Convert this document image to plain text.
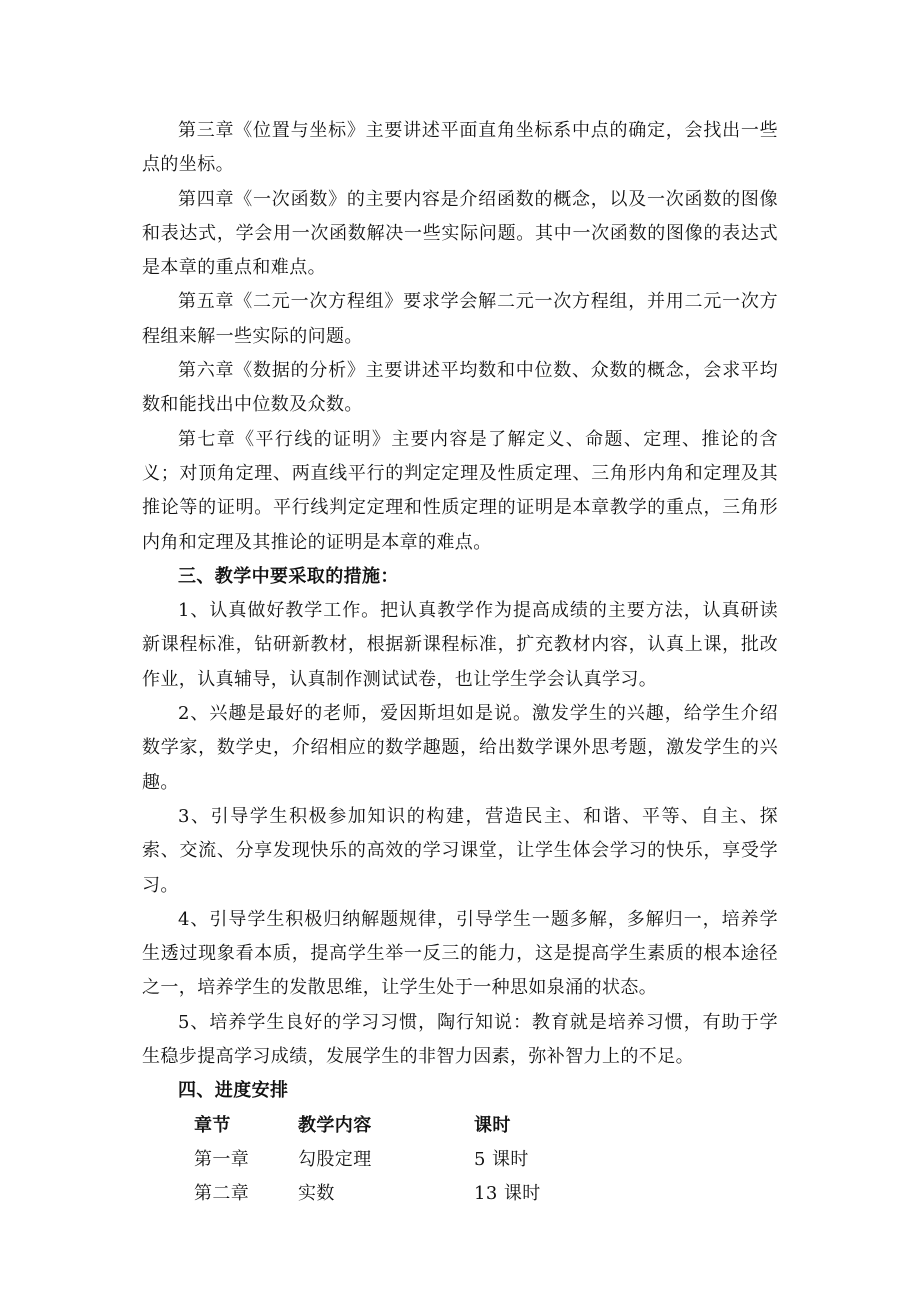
第三章《位置与坐标》主要讲述平面直角坐标系中点的确定，会找出一些点的坐标。

第四章《一次函数》的主要内容是介绍函数的概念，以及一次函数的图像和表达式，学会用一次函数解决一些实际问题。其中一次函数的图像的表达式是本章的重点和难点。

第五章《二元一次方程组》要求学会解二元一次方程组，并用二元一次方程组来解一些实际的问题。

第六章《数据的分析》主要讲述平均数和中位数、众数的概念，会求平均数和能找出中位数及众数。

第七章《平行线的证明》主要内容是了解定义、命题、定理、推论的含义；对顶角定理、两直线平行的判定定理及性质定理、三角形内角和定理及其推论等的证明。平行线判定定理和性质定理的证明是本章教学的重点，三角形内角和定理及其推论的证明是本章的难点。

三、教学中要采取的措施：

1、认真做好教学工作。把认真教学作为提高成绩的主要方法，认真研读新课程标准，钻研新教材，根据新课程标准，扩充教材内容，认真上课，批改作业，认真辅导，认真制作测试试卷，也让学生学会认真学习。

2、兴趣是最好的老师，爱因斯坦如是说。激发学生的兴趣，给学生介绍数学家，数学史，介绍相应的数学趣题，给出数学课外思考题，激发学生的兴趣。

3、引导学生积极参加知识的构建，营造民主、和谐、平等、自主、探索、交流、分享发现快乐的高效的学习课堂，让学生体会学习的快乐，享受学习。

4、引导学生积极归纳解题规律，引导学生一题多解，多解归一，培养学生透过现象看本质，提高学生举一反三的能力，这是提高学生素质的根本途径之一，培养学生的发散思维，让学生处于一种思如泉涌的状态。

5、培养学生良好的学习习惯，陶行知说：教育就是培养习惯，有助于学生稳步提高学习成绩，发展学生的非智力因素，弥补智力上的不足。

四、进度安排

章节	教学内容	课时
第一章	勾股定理	5 课时
第二章	实数	13 课时
